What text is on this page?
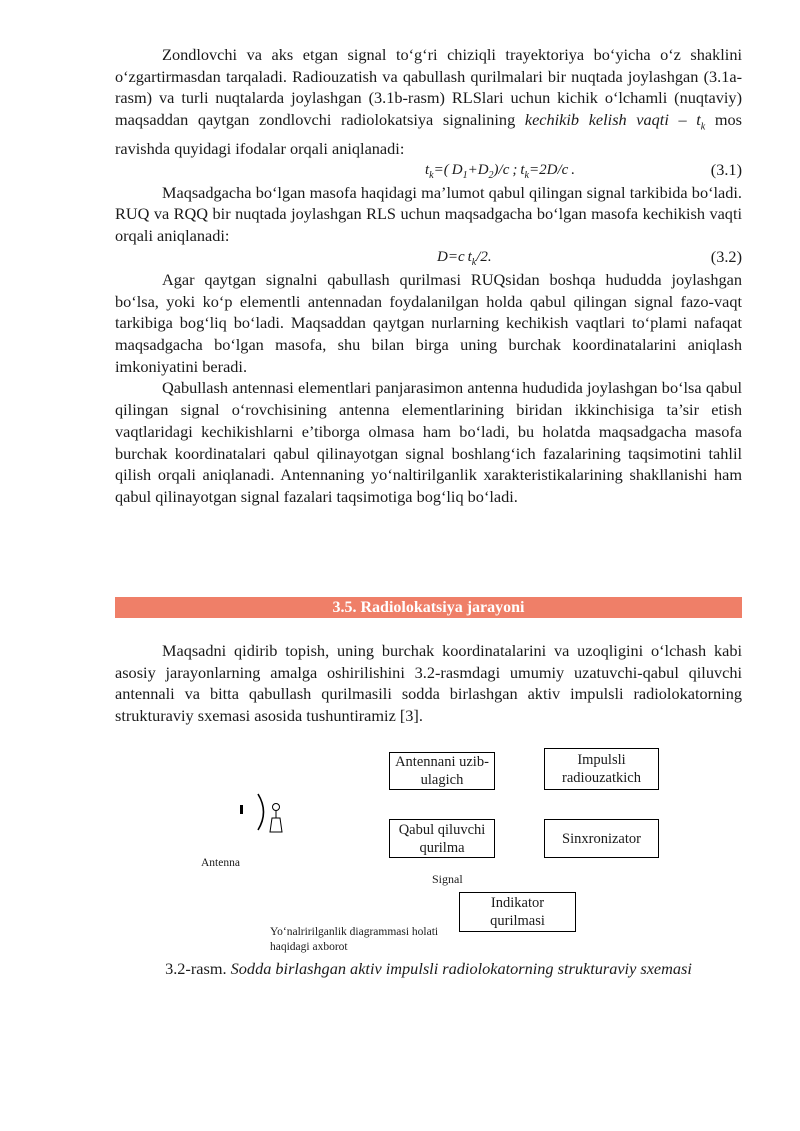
Zondlovchi va aks etgan signal to‘g‘ri chiziqli trayektoriya bo‘yicha o‘z shaklini o‘zgartirmasdan tarqaladi. Radiouzatish va qabullash qurilmalari bir nuqtada joylashgan (3.1a-rasm) va turli nuqtalarda joylashgan (3.1b-rasm) RLSlari uchun kichik o‘lchamli (nuqtaviy) maqsaddan qaytgan zondlovchi radiolokatsiya signalining kechikib kelish vaqti – $t_k$ mos ravishda quyidagi ifodalar orqali aniqlanadi:

$t_k=$( $D_1+D_2)/c$ ; $t_k=2D/c$ .	(3.1)

Maqsadgacha bo‘lgan masofa haqidagi ma’lumot qabul qilingan signal tarkibida bo‘ladi. RUQ va RQQ bir nuqtada joylashgan RLS uchun maqsadgacha bo‘lgan masofa kechikish vaqti orqali aniqlanadi:

D=c $t_k/2$.	(3.2)

Agar qaytgan signalni qabullash qurilmasi RUQsidan boshqa hududda joylashgan bo‘lsa, yoki ko‘p elementli antennadan foydalanilgan holda qabul qilingan signal fazo-vaqt tarkibiga bog‘liq bo‘ladi. Maqsaddan qaytgan nurlarning kechikish vaqtlari to‘plami nafaqat maqsadgacha bo‘lgan masofa, shu bilan birga uning burchak koordinatalarini aniqlash imkoniyatini beradi.

Qabullash antennasi elementlari panjarasimon antenna hududida joylashgan bo‘lsa qabul qilingan signal o‘rovchisining antenna elementlarining biridan ikkinchisiga ta’sir etish vaqtlaridagi kechikishlarni e’tiborga olmasa ham bo‘ladi, bu holatda maqsadgacha masofa burchak koordinatalari qabul qilinayotgan signal boshlang‘ich fazalarining taqsimotini tahlil qilish orqali aniqlanadi. Antennaning yo‘naltirilganlik xarakteristikalarining shakllanishi ham qabul qilinayotgan signal fazalari taqsimotiga bog‘liq bo‘ladi.

3.5. Radiolokatsiya jarayoni

Maqsadni qidirib topish, uning burchak koordinatalarini va uzoqligini o‘lchash kabi asosiy jarayonlarning amalga oshirilishini 3.2-rasmdagi umumiy uzatuvchi-qabul qiluvchi antennali va bitta qabullash qurilmasili sodda birlashgan aktiv impulsli radiolokatorning strukturaviy sxemasi asosida tushuntiramiz [3].

Antenna
Antennani uzib-ulagich
Impulsli radiouzatkich
Qabul qiluvchi qurilma
Sinxronizator
Signal
Indikator qurilmasi
Yo‘nalririlganlik diagrammasi holati haqidagi axborot
3.2-rasm. Sodda birlashgan aktiv impulsli radiolokatorning strukturaviy sxemasi
